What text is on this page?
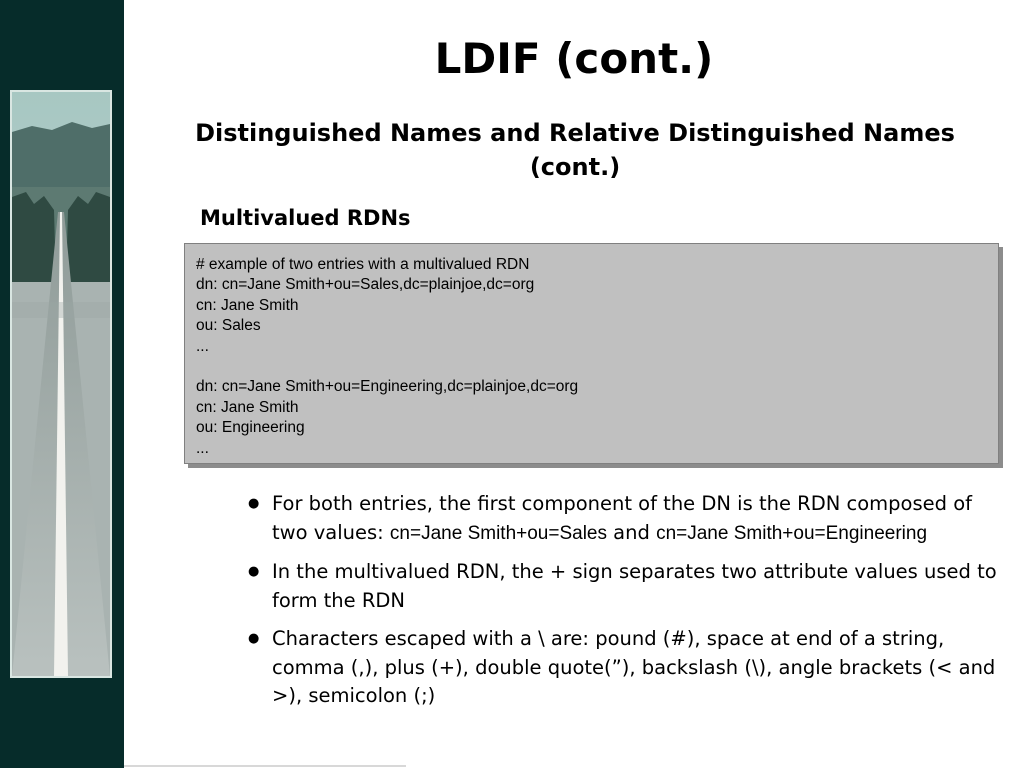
LDIF (cont.)
Distinguished Names and Relative Distinguished Names (cont.)
Multivalued RDNs
# example of two entries with a multivalued RDN
dn: cn=Jane Smith+ou=Sales,dc=plainjoe,dc=org
cn: Jane Smith
ou: Sales
...
dn: cn=Jane Smith+ou=Engineering,dc=plainjoe,dc=org
cn: Jane Smith
ou: Engineering
...
● For both entries, the first component of the DN is the RDN composed of two values: cn=Jane Smith+ou=Sales and cn=Jane Smith+ou=Engineering
● In the multivalued RDN, the + sign separates two attribute values used to form the RDN
● Characters escaped with a \ are: pound (#), space at end of a string, comma (,), plus (+), double quote(”), backslash (\), angle brackets (< and >), semicolon (;)
